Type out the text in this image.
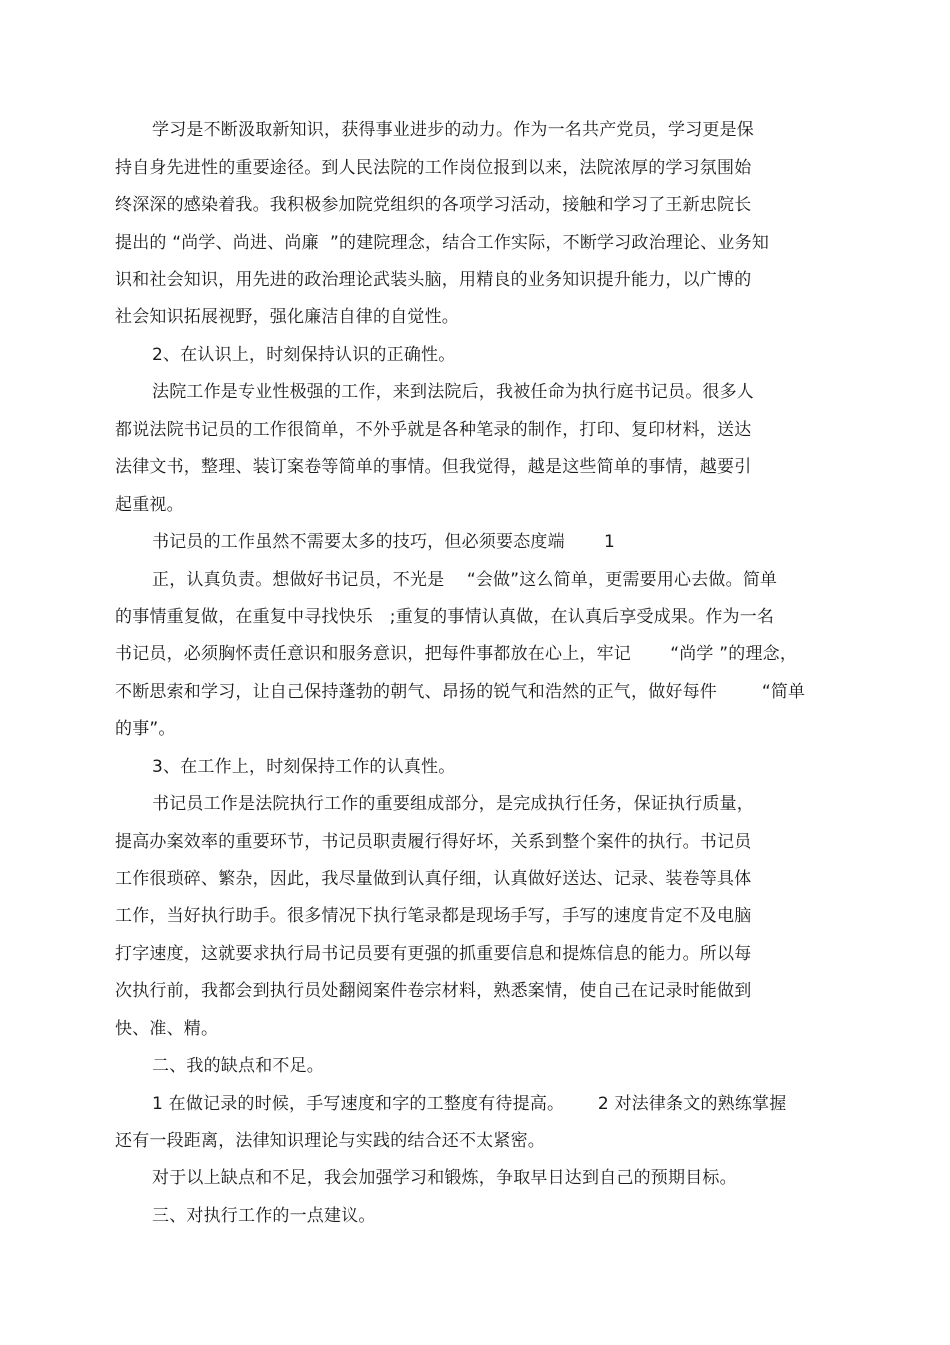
学习是不断汲取新知识，获得事业进步的动力。作为一名共产党员，学习更是保
持自身先进性的重要途径。到人民法院的工作岗位报到以来，法院浓厚的学习氛围始
终深深的感染着我。我积极参加院党组织的各项学习活动，接触和学习了王新忠院长
提出的 “尚学、尚进、尚廉  ”的建院理念，结合工作实际，不断学习政治理论、业务知
识和社会知识，用先进的政治理论武装头脑，用精良的业务知识提升能力，以广博的
社会知识拓展视野，强化廉洁自律的自觉性。
2、在认识上，时刻保持认识的正确性。
法院工作是专业性极强的工作，来到法院后，我被任命为执行庭书记员。很多人
都说法院书记员的工作很简单，不外乎就是各种笔录的制作，打印、复印材料，送达
法律文书，整理、装订案卷等简单的事情。但我觉得，越是这些简单的事情，越要引
起重视。
书记员的工作虽然不需要太多的技巧，但必须要态度端       1
正，认真负责。想做好书记员，不光是    “会做”这么简单，更需要用心去做。简单
的事情重复做，在重复中寻找快乐   ;重复的事情认真做，在认真后享受成果。作为一名
书记员，必须胸怀责任意识和服务意识，把每件事都放在心上，牢记       “尚学 ”的理念，
不断思索和学习，让自己保持蓬勃的朝气、昂扬的锐气和浩然的正气，做好每件        “简单
的事”。
3、在工作上，时刻保持工作的认真性。
书记员工作是法院执行工作的重要组成部分，是完成执行任务，保证执行质量，
提高办案效率的重要环节，书记员职责履行得好坏，关系到整个案件的执行。书记员
工作很琐碎、繁杂，因此，我尽量做到认真仔细，认真做好送达、记录、装卷等具体
工作，当好执行助手。很多情况下执行笔录都是现场手写，手写的速度肯定不及电脑
打字速度，这就要求执行局书记员要有更强的抓重要信息和提炼信息的能力。所以每
次执行前，我都会到执行员处翻阅案件卷宗材料，熟悉案情，使自己在记录时能做到
快、准、精。
二、我的缺点和不足。
1 在做记录的时候，手写速度和字的工整度有待提高。      2 对法律条文的熟练掌握
还有一段距离，法律知识理论与实践的结合还不太紧密。
对于以上缺点和不足，我会加强学习和锻炼，争取早日达到自己的预期目标。
三、对执行工作的一点建议。
